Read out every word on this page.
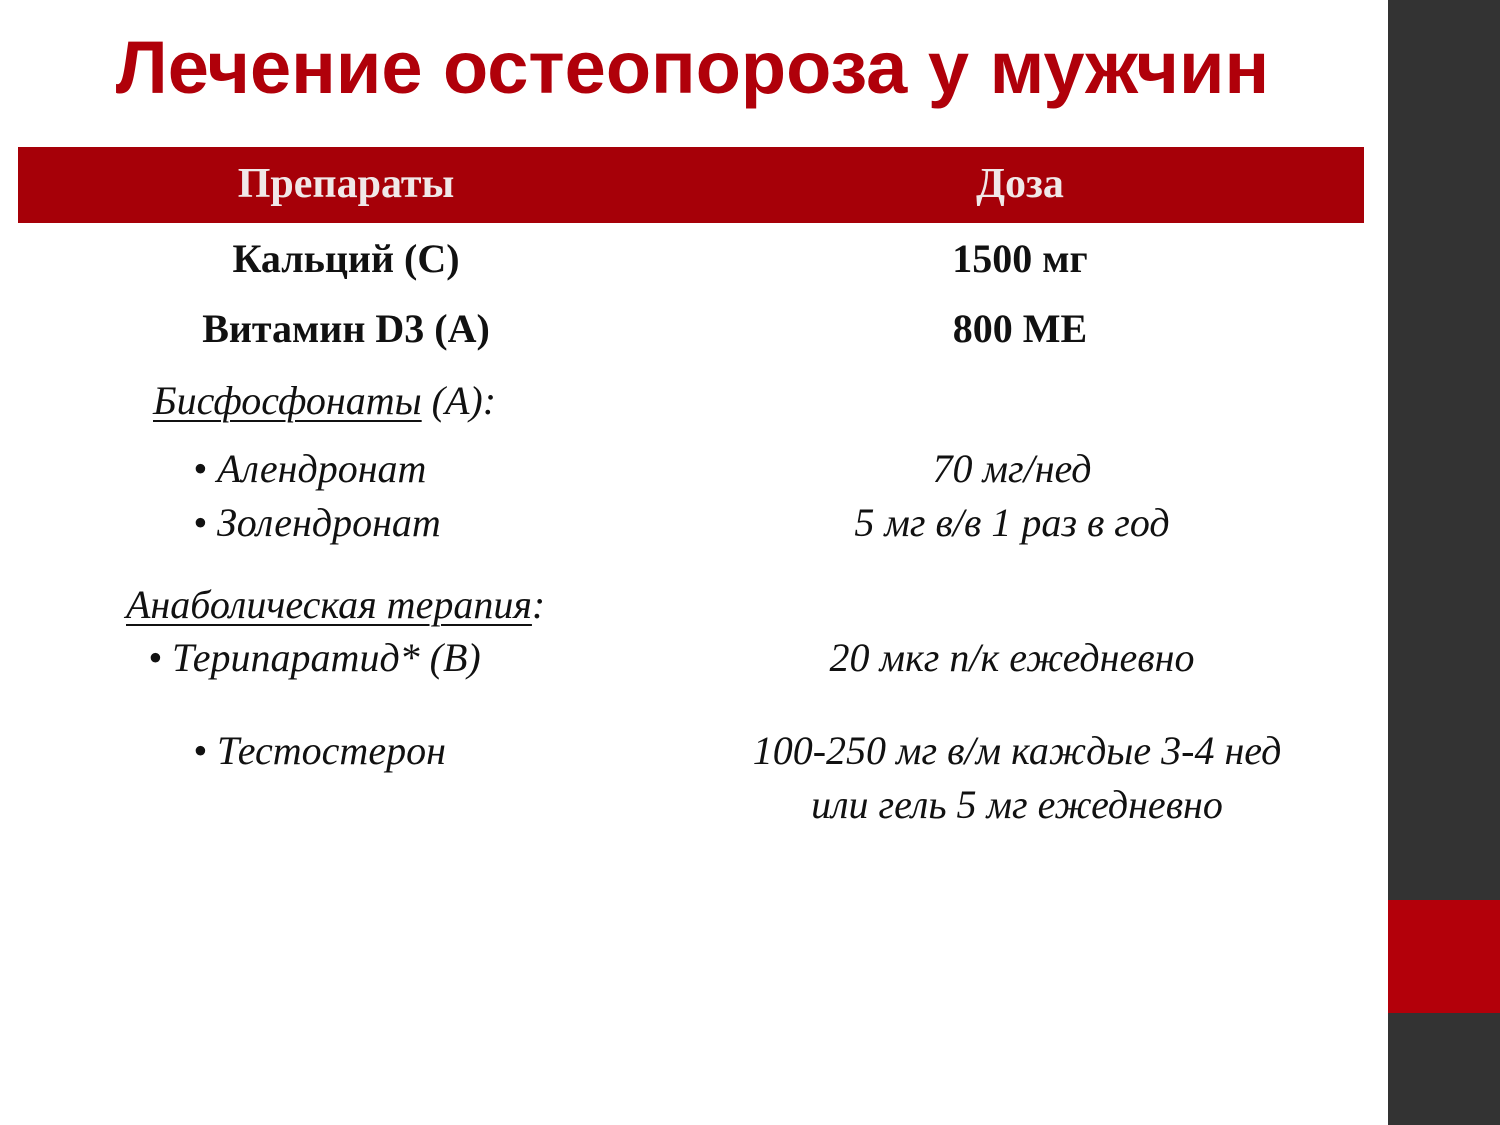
Лечение остеопороза у мужчин
Препараты	Доза
Кальций (С)	1500 мг
Витамин D3 (А)	800 МЕ
Бисфосфонаты (А):
• Алендронат	70 мг/нед
• Золендронат	5 мг в/в 1 раз в год
Анаболическая терапия:
• Терипаратид* (В)	20 мкг п/к ежедневно
• Тестостерон	100-250 мг в/м каждые 3-4 нед
или гель 5 мг ежедневно
